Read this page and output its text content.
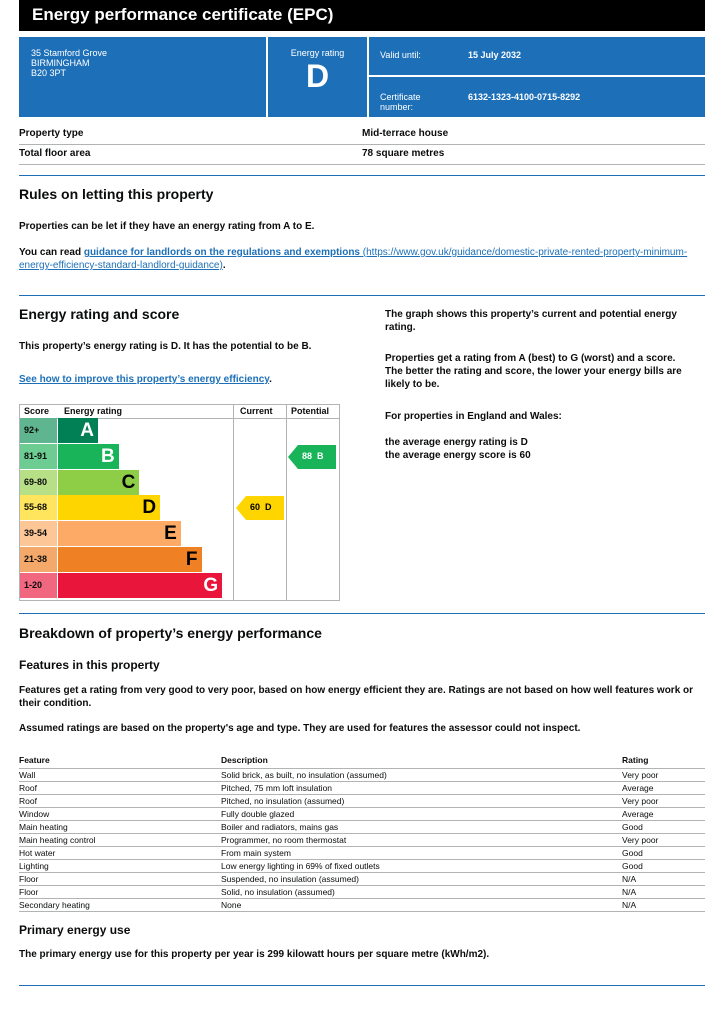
Energy performance certificate (EPC)
35 Stamford Grove
BIRMINGHAM
B20 3PT
Energy rating
D
Valid until:	15 July 2032
Certificate
number:
6132-1323-4100-0715-8292
Property type	Mid-terrace house
Total floor area	78 square metres
Rules on letting this property
Properties can be let if they have an energy rating from A to E.
You can read guidance for landlords on the regulations and exemptions (https://www.gov.uk/guidance/domestic-private-rented-property-minimum-energy-efficiency-standard-landlord-guidance).
Energy rating and score
This property’s energy rating is D. It has the potential to be B.
See how to improve this property’s energy efficiency.
The graph shows this property’s current and potential energy rating.
Properties get a rating from A (best) to G (worst) and a score. The better the rating and score, the lower your energy bills are likely to be.
For properties in England and Wales:
the average energy rating is D
the average energy score is 60
Score Energy rating	Current Potential
92+	A
81-91	B
69-80	C
55-68	D
39-54	E
21-38	F
1-20	G
60  D
88  B
Breakdown of property’s energy performance
Features in this property
Features get a rating from very good to very poor, based on how energy efficient they are. Ratings are not based on how well features work or their condition.
Assumed ratings are based on the property's age and type. They are used for features the assessor could not inspect.
Feature	Description	Rating
Wall	Solid brick, as built, no insulation (assumed)	Very poor
Roof	Pitched, 75 mm loft insulation	Average
Roof	Pitched, no insulation (assumed)	Very poor
Window	Fully double glazed	Average
Main heating	Boiler and radiators, mains gas	Good
Main heating control	Programmer, no room thermostat	Very poor
Hot water	From main system	Good
Lighting	Low energy lighting in 69% of fixed outlets	Good
Floor	Suspended, no insulation (assumed)	N/A
Floor	Solid, no insulation (assumed)	N/A
Secondary heating	None	N/A
Primary energy use
The primary energy use for this property per year is 299 kilowatt hours per square metre (kWh/m2).
